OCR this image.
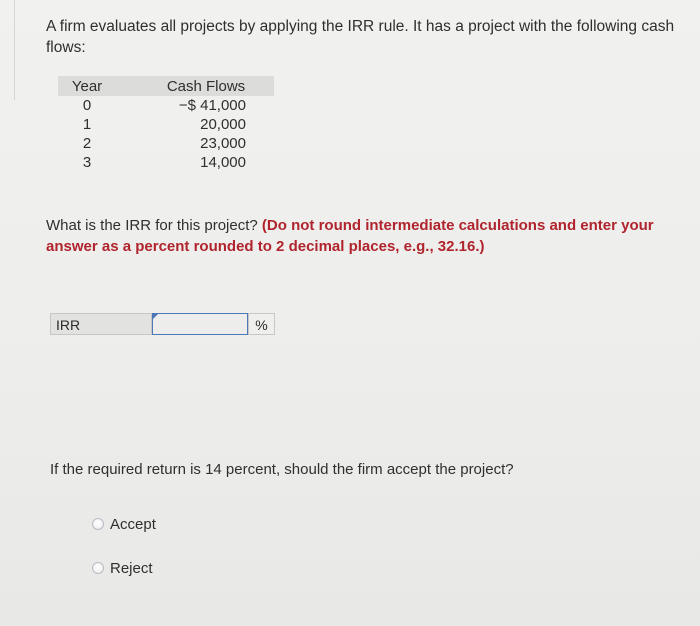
A firm evaluates all projects by applying the IRR rule. It has a project with the following cash flows:
Year		Cash Flows
0		−$ 41,000
1		20,000
2		23,000
3		14,000
What is the IRR for this project? (Do not round intermediate calculations and enter your answer as a percent rounded to 2 decimal places, e.g., 32.16.)
IRR	%
If the required return is 14 percent, should the firm accept the project?
Accept
Reject
